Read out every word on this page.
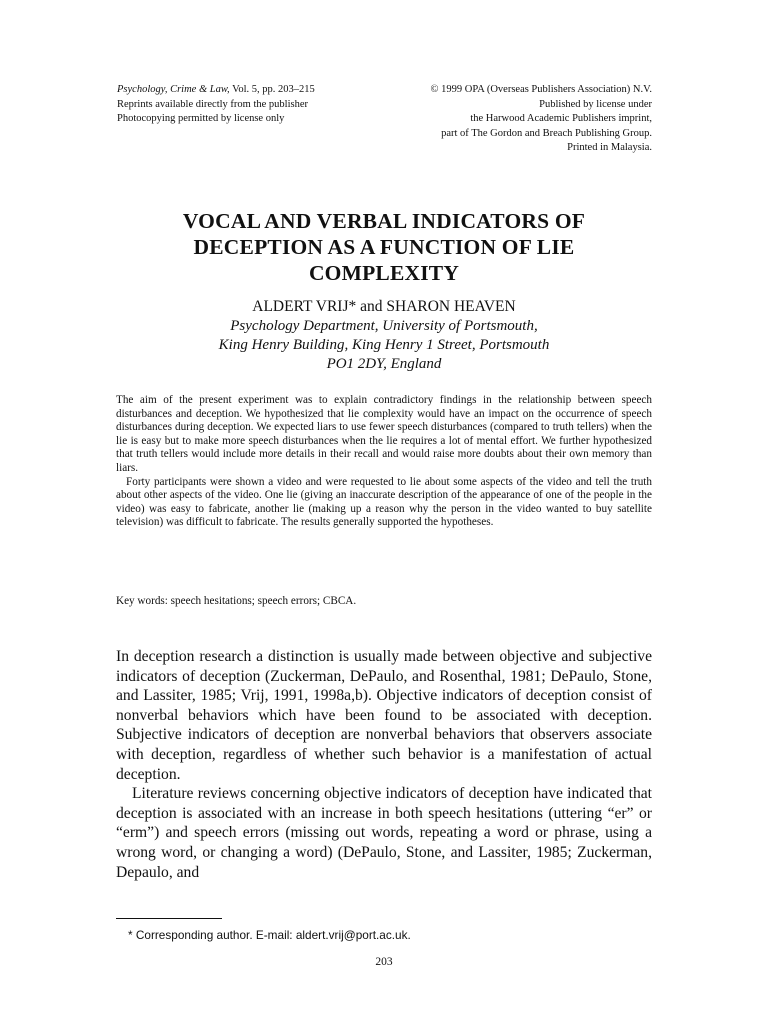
Psychology, Crime & Law, Vol. 5, pp. 203–215
Reprints available directly from the publisher
Photocopying permitted by license only
© 1999 OPA (Overseas Publishers Association) N.V.
Published by license under
the Harwood Academic Publishers imprint,
part of The Gordon and Breach Publishing Group.
Printed in Malaysia.
VOCAL AND VERBAL INDICATORS OF
DECEPTION AS A FUNCTION OF LIE
COMPLEXITY
ALDERT VRIJ* and SHARON HEAVEN
Psychology Department, University of Portsmouth,
King Henry Building, King Henry 1 Street, Portsmouth
PO1 2DY, England

The aim of the present experiment was to explain contradictory findings in the relationship between speech disturbances and deception. We hypothesized that lie complexity would have an impact on the occurrence of speech disturbances during deception. We expected liars to use fewer speech disturbances (compared to truth tellers) when the lie is easy but to make more speech disturbances when the lie requires a lot of mental effort. We further hypothesized that truth tellers would include more details in their recall and would raise more doubts about their own memory than liars.

Forty participants were shown a video and were requested to lie about some aspects of the video and tell the truth about other aspects of the video. One lie (giving an inaccurate description of the appearance of one of the people in the video) was easy to fabricate, another lie (making up a reason why the person in the video wanted to buy satellite television) was difficult to fabricate. The results generally supported the hypotheses.

Key words: speech hesitations; speech errors; CBCA.

In deception research a distinction is usually made between objective and subjective indicators of deception (Zuckerman, DePaulo, and Rosenthal, 1981; DePaulo, Stone, and Lassiter, 1985; Vrij, 1991, 1998a,b). Objective indicators of deception consist of nonverbal behaviors which have been found to be associated with deception. Subjective indicators of deception are nonverbal behaviors that observers associate with deception, regardless of whether such behavior is a manifestation of actual deception.

Literature reviews concerning objective indicators of deception have indicated that deception is associated with an increase in both speech hesitations (uttering “er” or “erm”) and speech errors (missing out words, repeating a word or phrase, using a wrong word, or changing a word) (DePaulo, Stone, and Lassiter, 1985; Zuckerman, Depaulo, and

* Corresponding author. E-mail: aldert.vrij@port.ac.uk.
203
